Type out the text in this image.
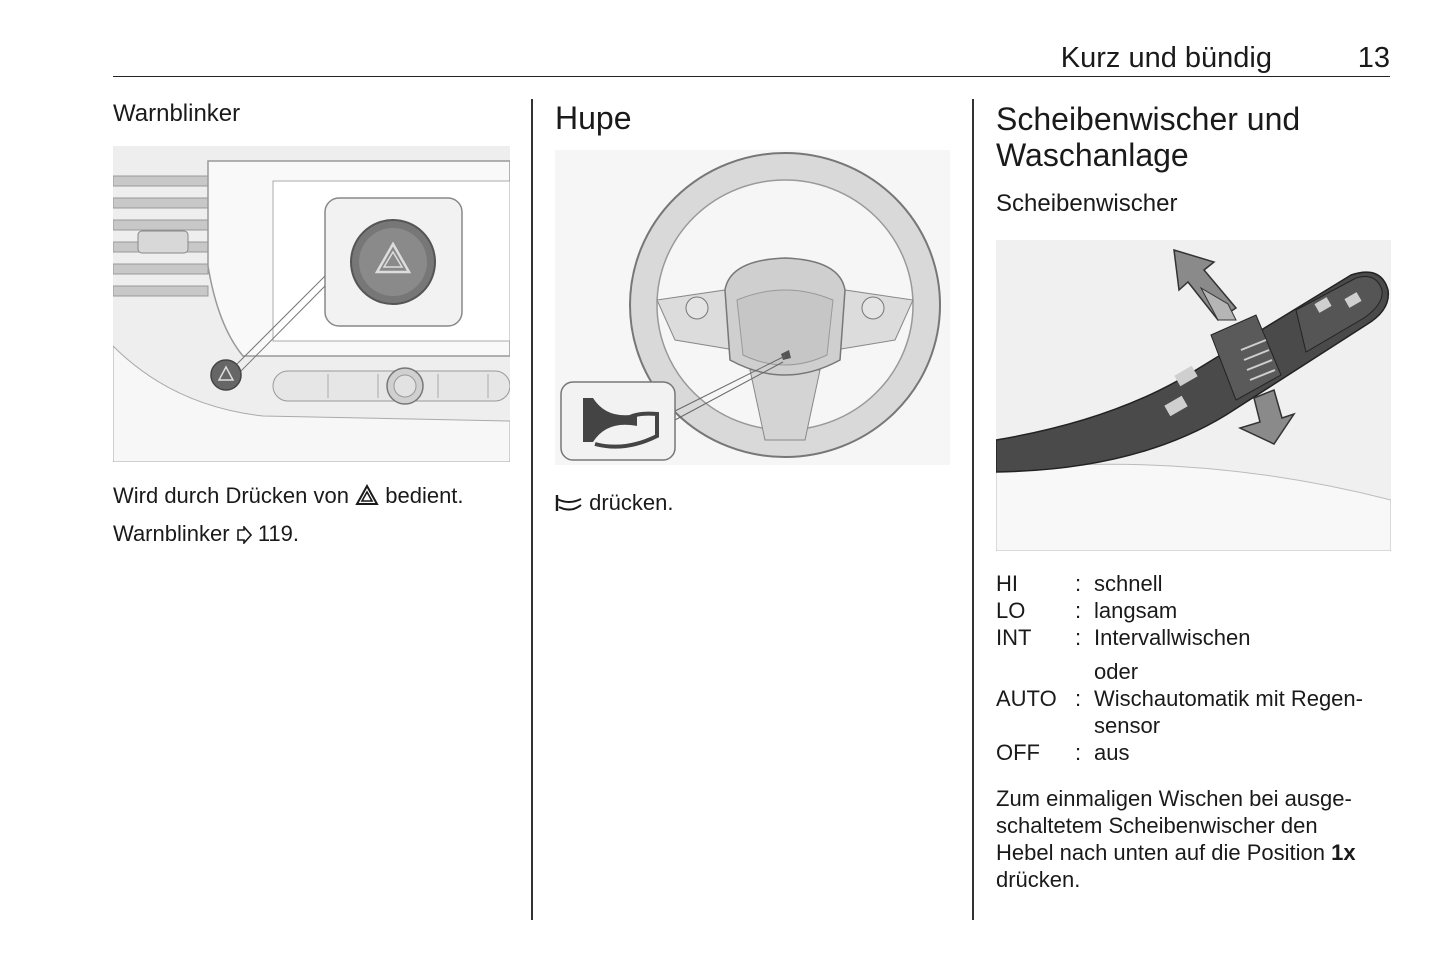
Kurz und bündig	13
Warnblinker
Wird durch Drücken von bedient.
Warnblinker 119.
Hupe
drücken.
Scheibenwischer und
Waschanlage
Scheibenwischer
HI	: schnell
LO : langsam
INT : Intervallwischen
oder
AUTO : Wischautomatik mit Regen-
sensor
OFF : aus
Zum einmaligen Wischen bei ausge-
schaltetem Scheibenwischer den
Hebel nach unten auf die Position 1x
drücken.
